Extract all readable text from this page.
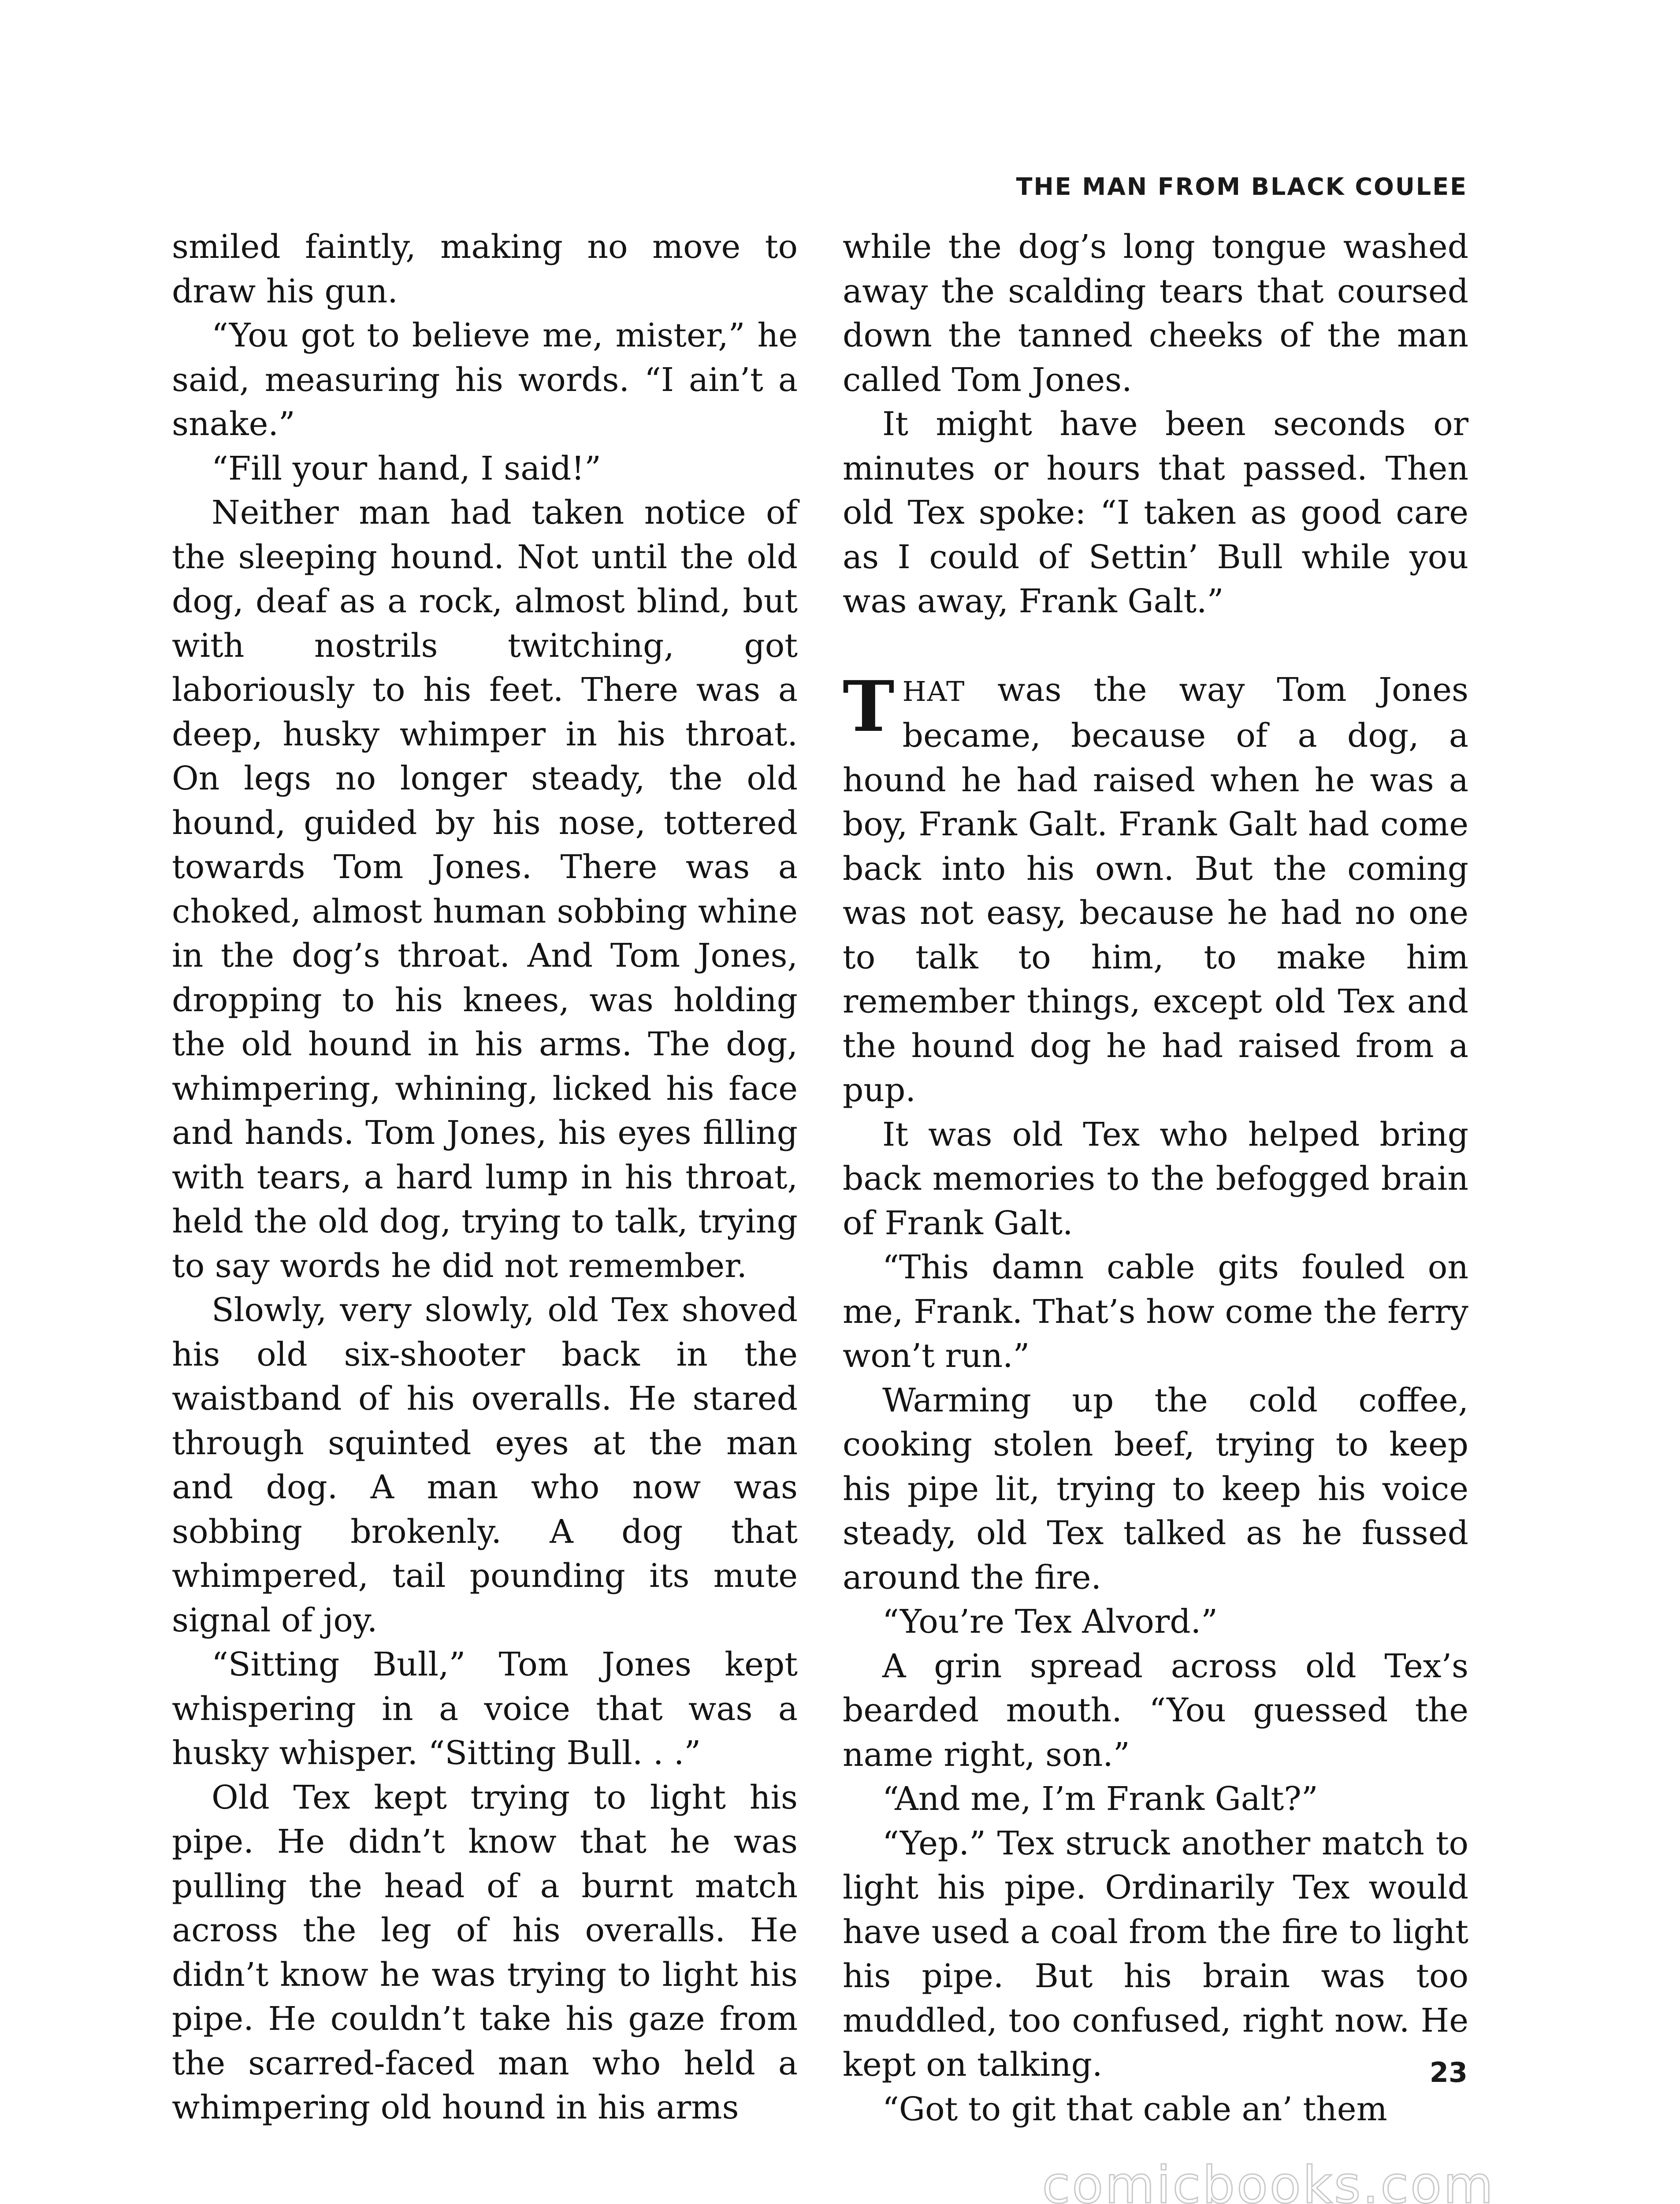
THE MAN FROM BLACK COULEE

smiled faintly, making no move to draw his gun.

“You got to believe me, mister,” he said, measuring his words. “I ain’t a snake.”

“Fill your hand, I said!”

Neither man had taken notice of the sleeping hound. Not until the old dog, deaf as a rock, almost blind, but with nostrils twitching, got laboriously to his feet. There was a deep, husky whimper in his throat. On legs no longer steady, the old hound, guided by his nose, tottered towards Tom Jones. There was a choked, almost human sobbing whine in the dog’s throat. And Tom Jones, dropping to his knees, was holding the old hound in his arms. The dog, whimpering, whining, licked his face and hands. Tom Jones, his eyes filling with tears, a hard lump in his throat, held the old dog, trying to talk, trying to say words he did not remember.

Slowly, very slowly, old Tex shoved his old six-shooter back in the waistband of his overalls. He stared through squinted eyes at the man and dog. A man who now was sobbing brokenly. A dog that whimpered, tail pounding its mute signal of joy.

“Sitting Bull,” Tom Jones kept whispering in a voice that was a husky whisper. “Sitting Bull. . .”

Old Tex kept trying to light his pipe. He didn’t know that he was pulling the head of a burnt match across the leg of his overalls. He didn’t know he was trying to light his pipe. He couldn’t take his gaze from the scarred-faced man who held a whimpering old hound in his arms

while the dog’s long tongue washed away the scalding tears that coursed down the tanned cheeks of the man called Tom Jones.

It might have been seconds or minutes or hours that passed. Then old Tex spoke: “I taken as good care as I could of Settin’ Bull while you was away, Frank Galt.”

THAT was the way Tom Jones became, because of a dog, a hound he had raised when he was a boy, Frank Galt. Frank Galt had come back into his own. But the coming was not easy, because he had no one to talk to him, to make him remember things, except old Tex and the hound dog he had raised from a pup.

It was old Tex who helped bring back memories to the befogged brain of Frank Galt.

“This damn cable gits fouled on me, Frank. That’s how come the ferry won’t run.”

Warming up the cold coffee, cooking stolen beef, trying to keep his pipe lit, trying to keep his voice steady, old Tex talked as he fussed around the fire.

“You’re Tex Alvord.”

A grin spread across old Tex’s bearded mouth. “You guessed the name right, son.”

“And me, I’m Frank Galt?”

“Yep.” Tex struck another match to light his pipe. Ordinarily Tex would have used a coal from the fire to light his pipe. But his brain was too muddled, too confused, right now. He kept on talking.

“Got to git that cable an’ them

23
comicbooks.com
